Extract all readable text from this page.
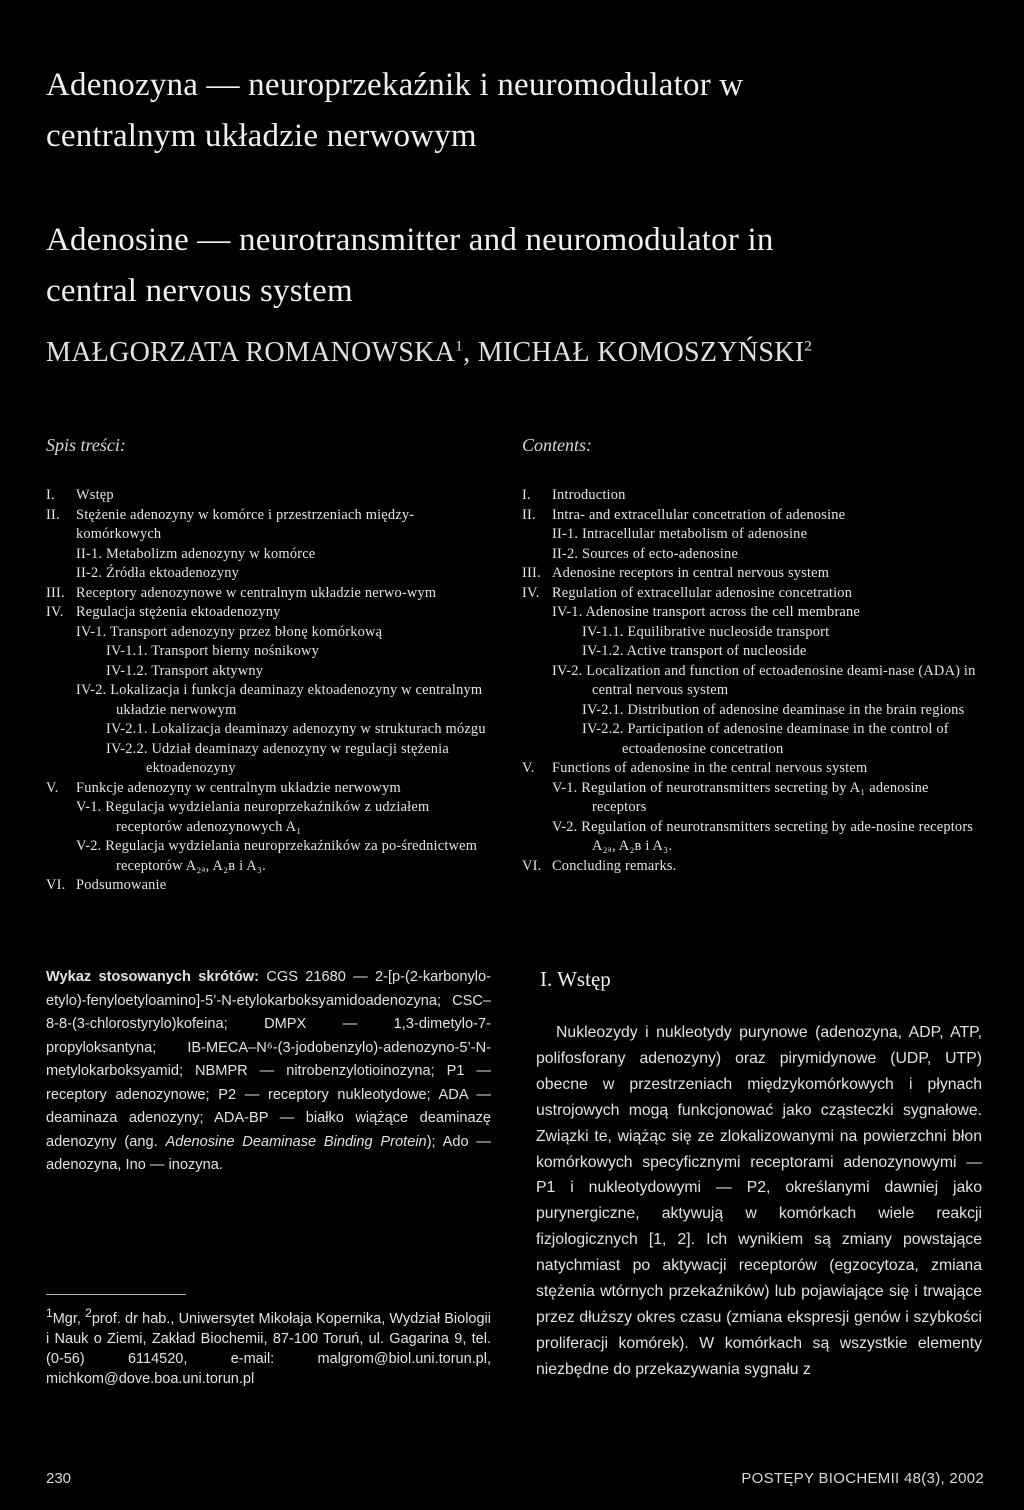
Adenozyna — neuroprzekaźnik i neuromodulator w
centralnym układzie nerwowym
Adenosine — neurotransmitter and neuromodulator in
central nervous system
MAŁGORZATA ROMANOWSKA$^1$, MICHAŁ KOMOSZYŃSKI$^2$
Spis treści:	Contents:
I.	Wstęp
II.	Stężenie adenozyny w komórce i przestrzeniach między-komórkowych
II-1. Metabolizm adenozyny w komórce
II-2. Źródła ektoadenozyny
III. Receptory adenozynowe w centralnym układzie nerwo-wym
IV. Regulacja stężenia ektoadenozyny
IV-1. Transport adenozyny przez błonę komórkową
IV-1.1. Transport bierny nośnikowy
IV-1.2. Transport aktywny
IV-2. Lokalizacja i funkcja deaminazy ektoadenozyny w centralnym układzie nerwowym
IV-2.1. Lokalizacja deaminazy adenozyny w strukturach mózgu
IV-2.2. Udział deaminazy adenozyny w regulacji stężenia ektoadenozyny
V.	Funkcje adenozyny w centralnym układzie nerwowym
V-1. Regulacja wydzielania neuroprzekaźników z udziałem receptorów adenozynowych A₁
V-2. Regulacja wydzielania neuroprzekaźników za po-średnictwem receptorów A₂ₐ, A₂ʙ i A₃.
VI. Podsumowanie
I.	Introduction
II.	Intra- and extracellular concetration of adenosine
II-1. Intracellular metabolism of adenosine
II-2. Sources of ecto-adenosine
III. Adenosine receptors in central nervous system
IV. Regulation of extracellular adenosine concetration
IV-1. Adenosine transport across the cell membrane
IV-1.1. Equilibrative nucleoside transport
IV-1.2. Active transport of nucleoside
IV-2. Localization and function of ectoadenosine deami-nase (ADA) in central nervous system
IV-2.1. Distribution of adenosine deaminase in the brain regions
IV-2.2. Participation of adenosine deaminase in the control of ectoadenosine concetration
V.	Functions of adenosine in the central nervous system
V-1. Regulation of neurotransmitters secreting by A₁ adenosine receptors
V-2. Regulation of neurotransmitters secreting by ade-nosine receptors A₂ₐ, A₂ʙ i A₃.
VI. Concluding remarks.
Wykaz stosowanych skrótów: CGS 21680 — 2-[p-(2-karbonylo-etylo)-fenyloetyloamino]-5’-N-etylokarboksyamidoadenozyna; CSC–8-8-(3-chlorostyrylo)kofeina; DMPX — 1,3-dimetylo-7-propyloksantyna; IB-MECA–N⁶-(3-jodobenzylo)-adenozyno-5’-N-metylokarboksyamid; NBMPR — nitrobenzylotioinozyna; P1 — receptory adenozynowe; P2 — receptory nukleotydowe; ADA — deaminaza adenozyny; ADA-BP — białko wiążące deaminazę adenozyny (ang. Adenosine Deaminase Binding Protein); Ado — adenozyna, Ino — inozyna.
$^1$Mgr, $^2$prof. dr hab., Uniwersytet Mikołaja Kopernika, Wydział Biologii i Nauk o Ziemi, Zakład Biochemii, 87-100 Toruń, ul. Gagarina 9, tel. (0-56) 6114520, e-mail: malgrom@biol.uni.torun.pl, michkom@dove.boa.uni.torun.pl
I. Wstęp
Nukleozydy i nukleotydy purynowe (adenozyna, ADP, ATP, polifosforany adenozyny) oraz pirymidynowe (UDP, UTP) obecne w przestrzeniach międzykomórkowych i płynach ustrojowych mogą funkcjonować jako cząsteczki sygnałowe. Związki te, wiążąc się ze zlokalizowanymi na powierzchni błon komórkowych specyficznymi receptorami adenozynowymi — P1 i nukleotydowymi — P2, określanymi dawniej jako purynergiczne, aktywują w komórkach wiele reakcji fizjologicznych [1, 2]. Ich wynikiem są zmiany powstające natychmiast po aktywacji receptorów (egzocytoza, zmiana stężenia wtórnych przekaźników) lub pojawiające się i trwające przez dłuższy okres czasu (zmiana ekspresji genów i szybkości proliferacji komórek). W komórkach są wszystkie elementy niezbędne do przekazywania sygnału z
230	POSTĘPY BIOCHEMII 48(3), 2002
